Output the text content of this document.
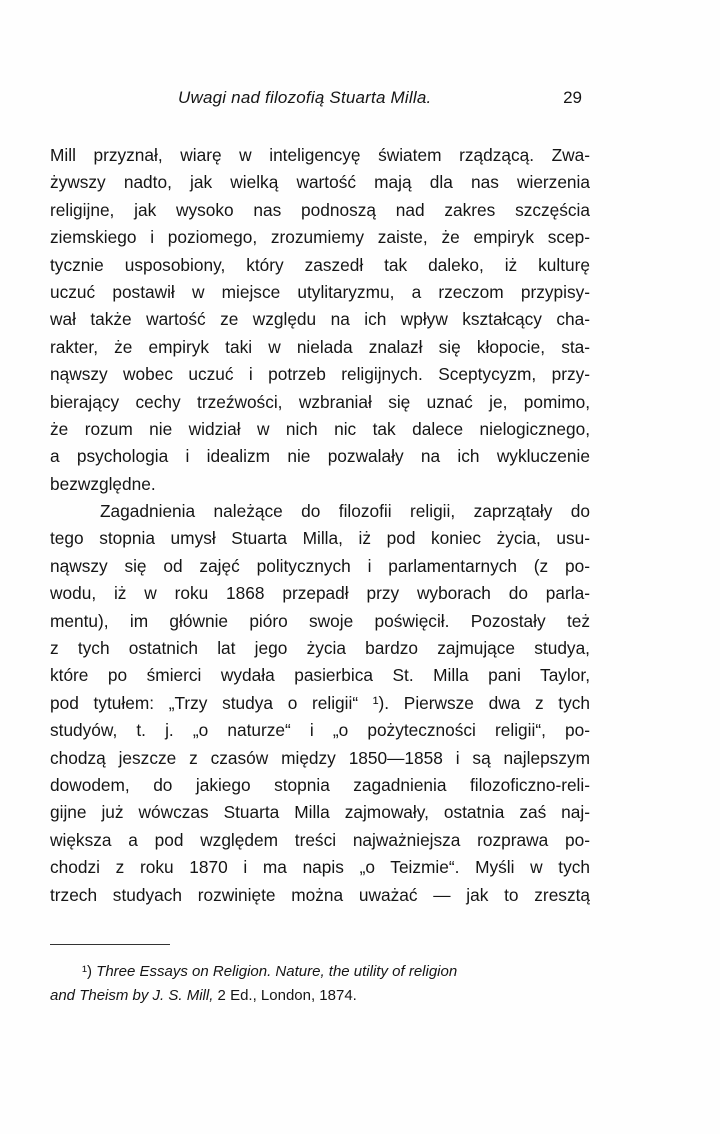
Uwagi nad filozofią Stuarta Milla.	29
Mill przyznał, wiarę w inteligencyę światem rządzącą. Zwa-
żywszy nadto, jak wielką wartość mają dla nas wierzenia
religijne, jak wysoko nas podnoszą nad zakres szczęścia
ziemskiego i poziomego, zrozumiemy zaiste, że empiryk scep-
tycznie usposobiony, który zaszedł tak daleko, iż kulturę
uczuć postawił w miejsce utylitaryzmu, a rzeczom przypisy-
wał także wartość ze względu na ich wpływ kształcący cha-
rakter, że empiryk taki w nielada znalazł się kłopocie, sta-
nąwszy wobec uczuć i potrzeb religijnych. Sceptycyzm, przy-
bierający cechy trzeźwości, wzbraniał się uznać je, pomimo,
że rozum nie widział w nich nic tak dalece nielogicznego,
a psychologia i idealizm nie pozwalały na ich wykluczenie
bezwzględne.
Zagadnienia należące do filozofii religii, zaprzątały do
tego stopnia umysł Stuarta Milla, iż pod koniec życia, usu-
nąwszy się od zajęć politycznych i parlamentarnych (z po-
wodu, iż w roku 1868 przepadł przy wyborach do parla-
mentu), im głównie pióro swoje poświęcił. Pozostały też
z tych ostatnich lat jego życia bardzo zajmujące studya,
które po śmierci wydała pasierbica St. Milla pani Taylor,
pod tytułem: „Trzy studya o religii“ ¹). Pierwsze dwa z tych
studyów, t. j. „o naturze“ i „o pożyteczności religii“, po-
chodzą jeszcze z czasów między 1850—1858 i są najlepszym
dowodem, do jakiego stopnia zagadnienia filozoficzno-reli-
gijne już wówczas Stuarta Milla zajmowały, ostatnia zaś naj-
większa a pod względem treści najważniejsza rozprawa po-
chodzi z roku 1870 i ma napis „o Teizmie“. Myśli w tych
trzech studyach rozwinięte można uważać — jak to zresztą
¹) Three Essays on Religion. Nature, the utility of religion
and Theism by J. S. Mill, 2 Ed., London, 1874.
